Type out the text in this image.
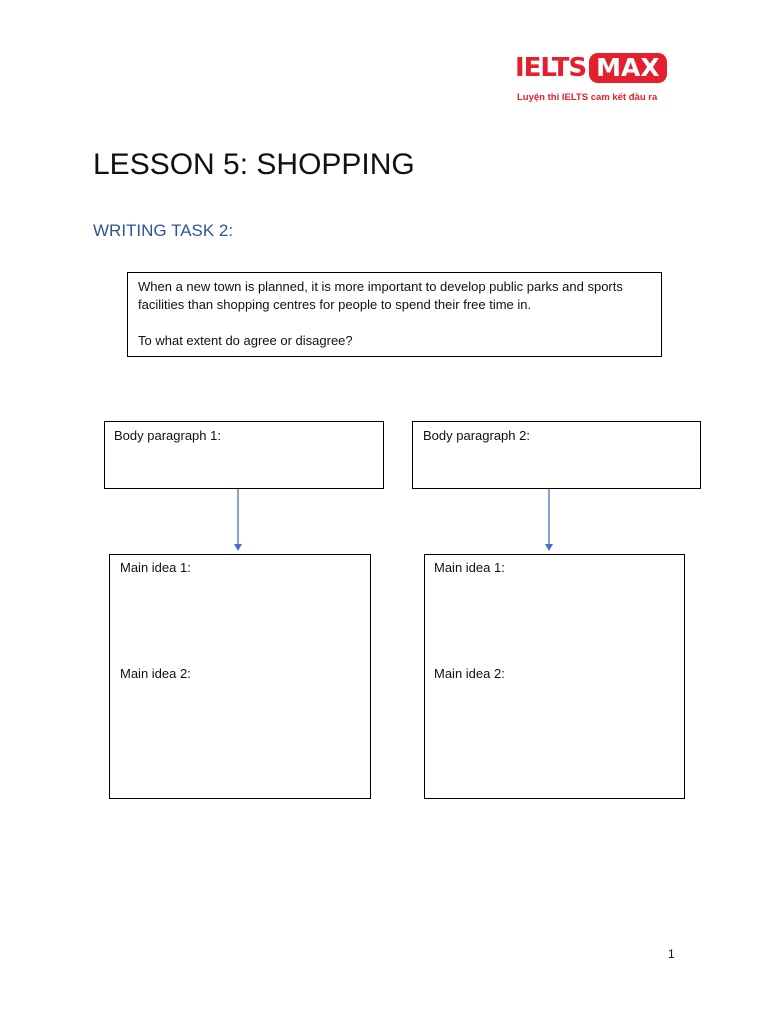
IELTS MAX
Luyện thi IELTS cam kết đầu ra
LESSON 5: SHOPPING
WRITING TASK 2:

When a new town is planned, it is more important to develop public parks and sports facilities than shopping centres for people to spend their free time in.

To what extent do agree or disagree?

Body paragraph 1:
Main idea 1:
Main idea 2:
Body paragraph 2:
Main idea 1:
Main idea 2:
1
